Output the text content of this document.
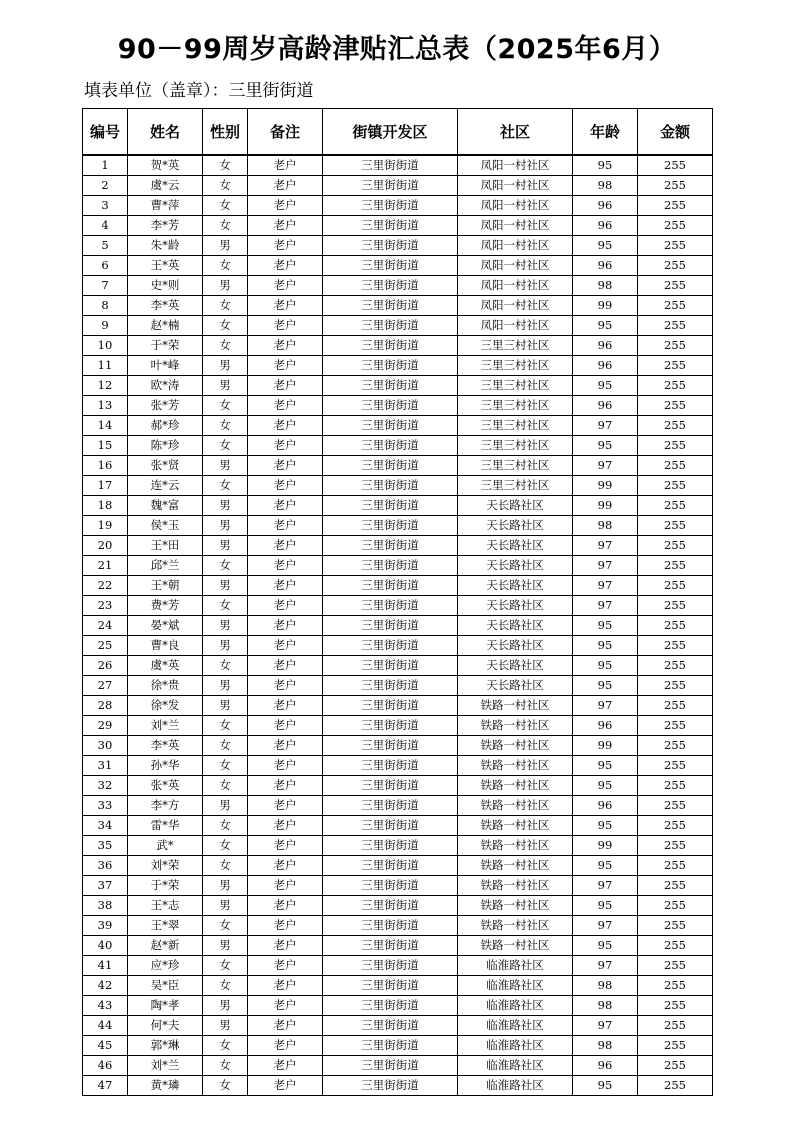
90－99周岁高龄津贴汇总表（2025年6月）
填表单位（盖章）：三里街街道
编号	姓名	性别	备注	街镇开发区	社区	年龄	金额
1	贺*英	女	老户	三里街街道	凤阳一村社区	95	255
2	虞*云	女	老户	三里街街道	凤阳一村社区	98	255
3	曹*萍	女	老户	三里街街道	凤阳一村社区	96	255
4	李*芳	女	老户	三里街街道	凤阳一村社区	96	255
5	朱*龄	男	老户	三里街街道	凤阳一村社区	95	255
6	王*英	女	老户	三里街街道	凤阳一村社区	96	255
7	史*则	男	老户	三里街街道	凤阳一村社区	98	255
8	李*英	女	老户	三里街街道	凤阳一村社区	99	255
9	赵*楠	女	老户	三里街街道	凤阳一村社区	95	255
10	于*荣	女	老户	三里街街道	三里三村社区	96	255
11	叶*峰	男	老户	三里街街道	三里三村社区	96	255
12	欧*涛	男	老户	三里街街道	三里三村社区	95	255
13	张*芳	女	老户	三里街街道	三里三村社区	96	255
14	郝*珍	女	老户	三里街街道	三里三村社区	97	255
15	陈*珍	女	老户	三里街街道	三里三村社区	95	255
16	张*贤	男	老户	三里街街道	三里三村社区	97	255
17	连*云	女	老户	三里街街道	三里三村社区	99	255
18	魏*富	男	老户	三里街街道	天长路社区	99	255
19	侯*玉	男	老户	三里街街道	天长路社区	98	255
20	王*田	男	老户	三里街街道	天长路社区	97	255
21	邱*兰	女	老户	三里街街道	天长路社区	97	255
22	王*朝	男	老户	三里街街道	天长路社区	97	255
23	费*芳	女	老户	三里街街道	天长路社区	97	255
24	晏*斌	男	老户	三里街街道	天长路社区	95	255
25	曹*良	男	老户	三里街街道	天长路社区	95	255
26	虞*英	女	老户	三里街街道	天长路社区	95	255
27	徐*贵	男	老户	三里街街道	天长路社区	95	255
28	徐*发	男	老户	三里街街道	铁路一村社区	97	255
29	刘*兰	女	老户	三里街街道	铁路一村社区	96	255
30	李*英	女	老户	三里街街道	铁路一村社区	99	255
31	孙*华	女	老户	三里街街道	铁路一村社区	95	255
32	张*英	女	老户	三里街街道	铁路一村社区	95	255
33	李*方	男	老户	三里街街道	铁路一村社区	96	255
34	雷*华	女	老户	三里街街道	铁路一村社区	95	255
35	武*	女	老户	三里街街道	铁路一村社区	99	255
36	刘*荣	女	老户	三里街街道	铁路一村社区	95	255
37	于*荣	男	老户	三里街街道	铁路一村社区	97	255
38	王*志	男	老户	三里街街道	铁路一村社区	95	255
39	王*翠	女	老户	三里街街道	铁路一村社区	97	255
40	赵*新	男	老户	三里街街道	铁路一村社区	95	255
41	应*珍	女	老户	三里街街道	临淮路社区	97	255
42	吴*臣	女	老户	三里街街道	临淮路社区	98	255
43	陶*孝	男	老户	三里街街道	临淮路社区	98	255
44	何*夫	男	老户	三里街街道	临淮路社区	97	255
45	郭*琳	女	老户	三里街街道	临淮路社区	98	255
46	刘*兰	女	老户	三里街街道	临淮路社区	96	255
47	黄*璘	女	老户	三里街街道	临淮路社区	95	255
